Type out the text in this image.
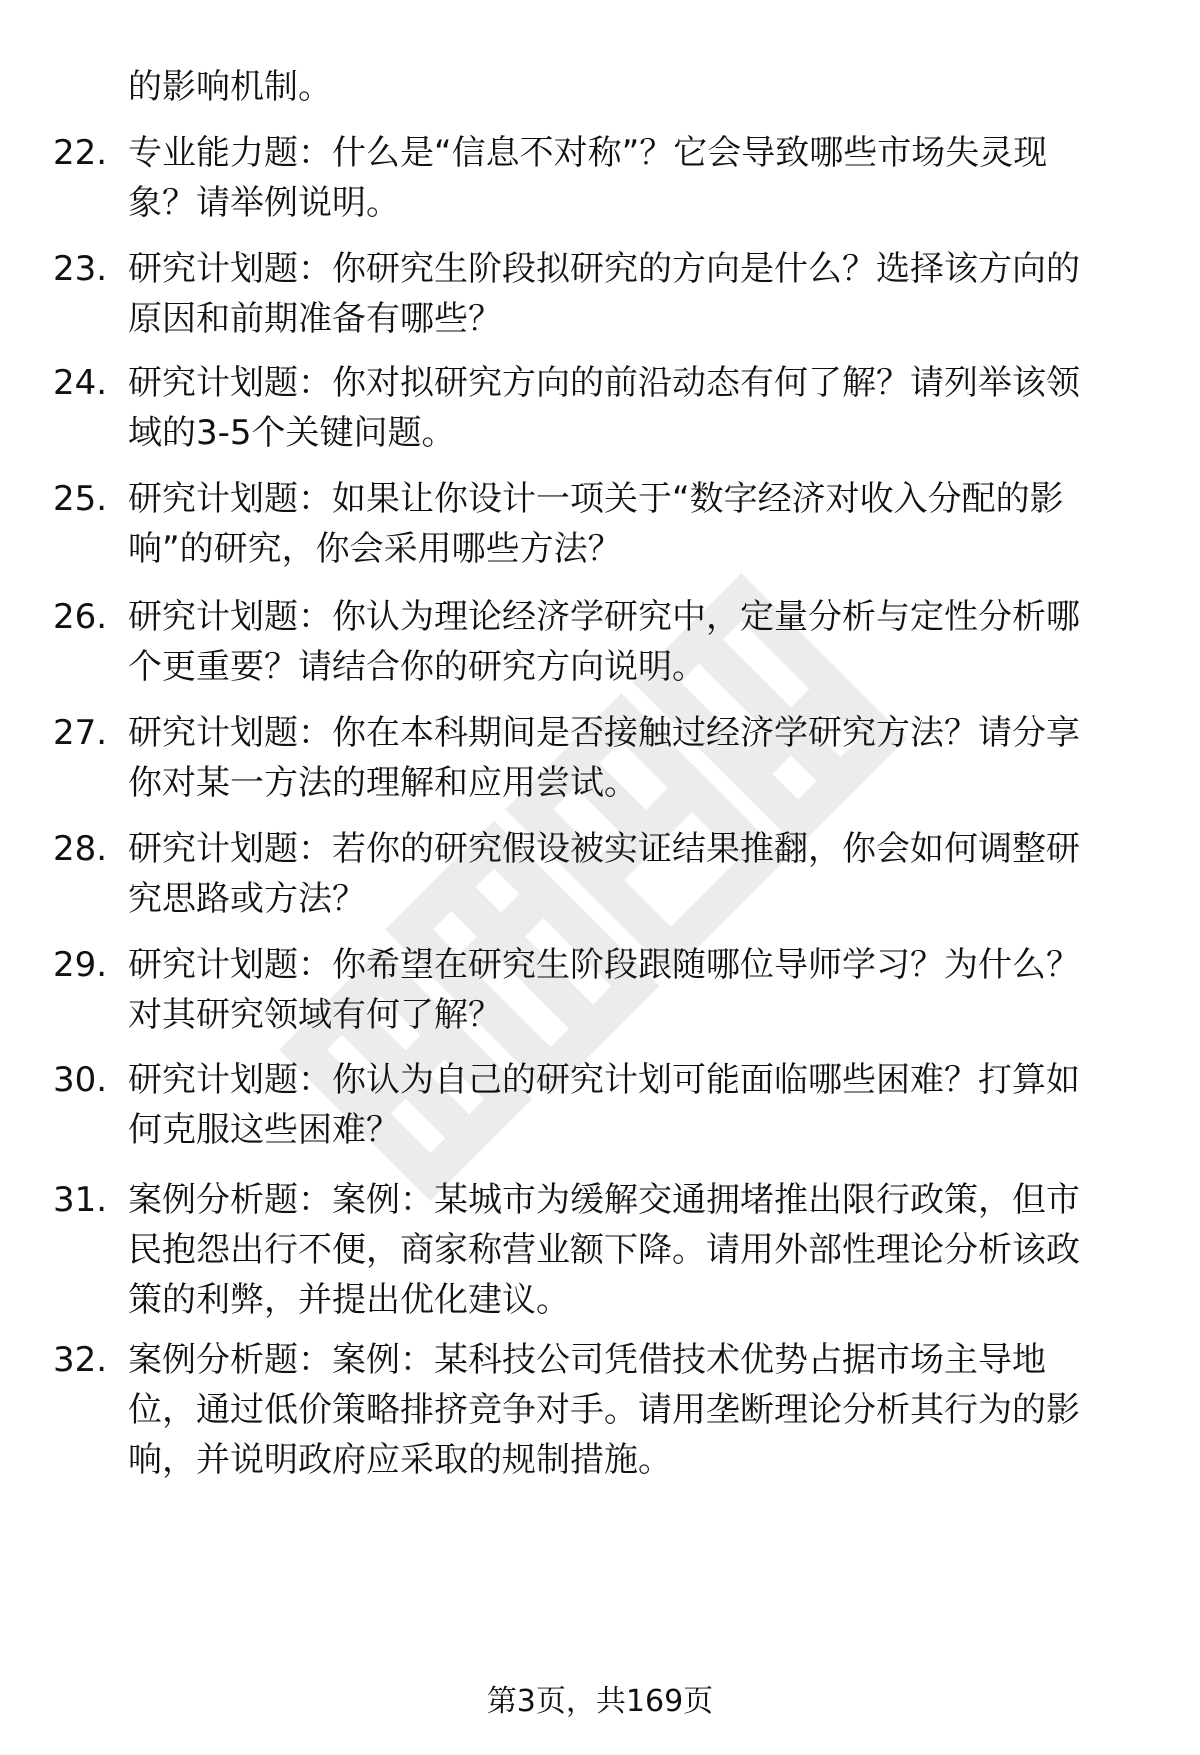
的影响机制。
22. 专业能力题：什么是“信息不对称”？它会导致哪些市场失灵现
象？请举例说明。
23. 研究计划题：你研究生阶段拟研究的方向是什么？选择该方向的
原因和前期准备有哪些？
24. 研究计划题：你对拟研究方向的前沿动态有何了解？请列举该领
域的3-5个关键问题。
25. 研究计划题：如果让你设计一项关于“数字经济对收入分配的影
响”的研究，你会采用哪些方法？
26. 研究计划题：你认为理论经济学研究中，定量分析与定性分析哪
个更重要？请结合你的研究方向说明。
27. 研究计划题：你在本科期间是否接触过经济学研究方法？请分享
你对某一方法的理解和应用尝试。
28. 研究计划题：若你的研究假设被实证结果推翻，你会如何调整研
究思路或方法？
29. 研究计划题：你希望在研究生阶段跟随哪位导师学习？为什么？
对其研究领域有何了解？
30. 研究计划题：你认为自己的研究计划可能面临哪些困难？打算如
何克服这些困难？
31. 案例分析题：案例：某城市为缓解交通拥堵推出限行政策，但市
民抱怨出行不便，商家称营业额下降。请用外部性理论分析该政
策的利弊，并提出优化建议。
32. 案例分析题：案例：某科技公司凭借技术优势占据市场主导地
位，通过低价策略排挤竞争对手。请用垄断理论分析其行为的影
响，并说明政府应采取的规制措施。
第3页，共169页
